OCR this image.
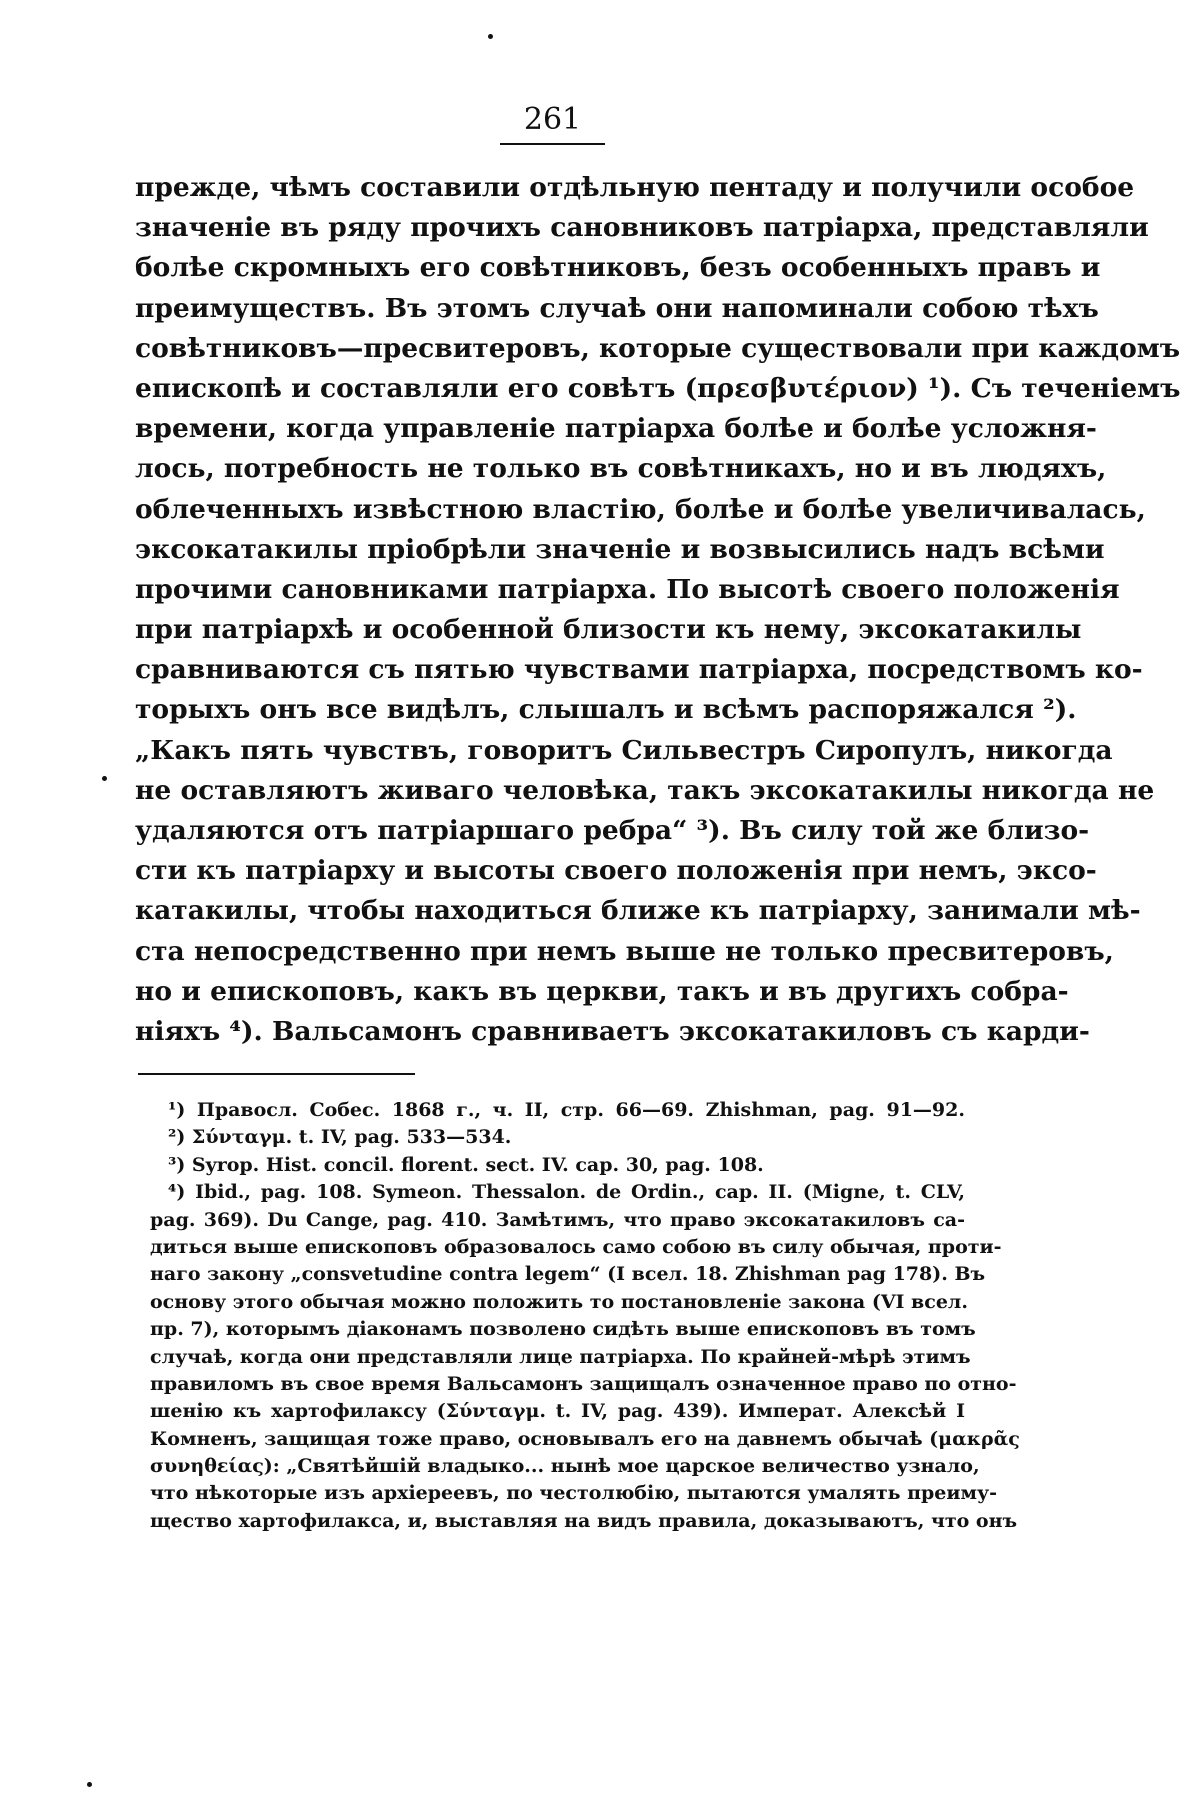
261
прежде, чѣмъ составили отдѣльную пентаду и получили особое
значеніе въ ряду прочихъ сановниковъ патріарха, представляли
болѣе скромныхъ его совѣтниковъ, безъ особенныхъ правъ и
преимуществъ. Въ этомъ случаѣ они напоминали собою тѣхъ
совѣтниковъ—пресвитеровъ, которые существовали при каждомъ
епископѣ и составляли его совѣтъ (πρεσβυτέριον) ¹). Съ теченіемъ
времени, когда управленіе патріарха болѣе и болѣе усложня-
лось, потребность не только въ совѣтникахъ, но и въ людяхъ,
облеченныхъ извѣстною властію, болѣе и болѣе увеличивалась,
эксокатакилы пріобрѣли значеніе и возвысились надъ всѣми
прочими сановниками патріарха. По высотѣ своего положенія
при патріархѣ и особенной близости къ нему, эксокатакилы
сравниваются съ пятью чувствами патріарха, посредствомъ ко-
торыхъ онъ все видѣлъ, слышалъ и всѣмъ распоряжался ²).
„Какъ пять чувствъ, говоритъ Сильвестръ Сиропулъ, никогда
не оставляютъ живаго человѣка, такъ эксокатакилы никогда не
удаляются отъ патріаршаго ребра“ ³). Въ силу той же близо-
сти къ патріарху и высоты своего положенія при немъ, эксо-
катакилы, чтобы находиться ближе къ патріарху, занимали мѣ-
ста непосредственно при немъ выше не только пресвитеровъ,
но и епископовъ, какъ въ церкви, такъ и въ другихъ собра-
ніяхъ ⁴). Вальсамонъ сравниваетъ эксокатакиловъ съ карди-
¹) Правосл. Собес. 1868 г., ч. II, стр. 66—69. Zhishman, pag. 91—92.
²) Σύνταγμ. t. IV, pag. 533—534.
³) Syrop. Hist. concil. florent. sect. IV. cap. 30, pag. 108.
⁴) Ibid., pag. 108. Symeon. Thessalon. de Ordin., cap. II. (Migne, t. CLV,
pag. 369). Du Cange, pag. 410. Замѣтимъ, что право эксокатакиловъ са-
диться выше епископовъ образовалось само собою въ силу обычая, проти-
наго закону „consvetudine contra legem“ (I всел. 18. Zhishman pag 178). Въ
основу этого обычая можно положить то постановленіе закона (VI всел.
пр. 7), которымъ діаконамъ позволено сидѣть выше епископовъ въ томъ
случаѣ, когда они представляли лице патріарха. По крайней-мѣрѣ этимъ
правиломъ въ свое время Вальсамонъ защищалъ означенное право по отно-
шенію къ хартофилаксу (Σύνταγμ. t. IV, pag. 439). Императ. Алексѣй I
Комненъ, защищая тоже право, основывалъ его на давнемъ обычаѣ (μακρᾶς
συνηθείας): „Святѣйшій владыко... нынѣ мое царское величество узнало,
что нѣкоторые изъ архіереевъ, по честолюбію, пытаются умалять преиму-
щество хартофилакса, и, выставляя на видъ правила, доказываютъ, что онъ
